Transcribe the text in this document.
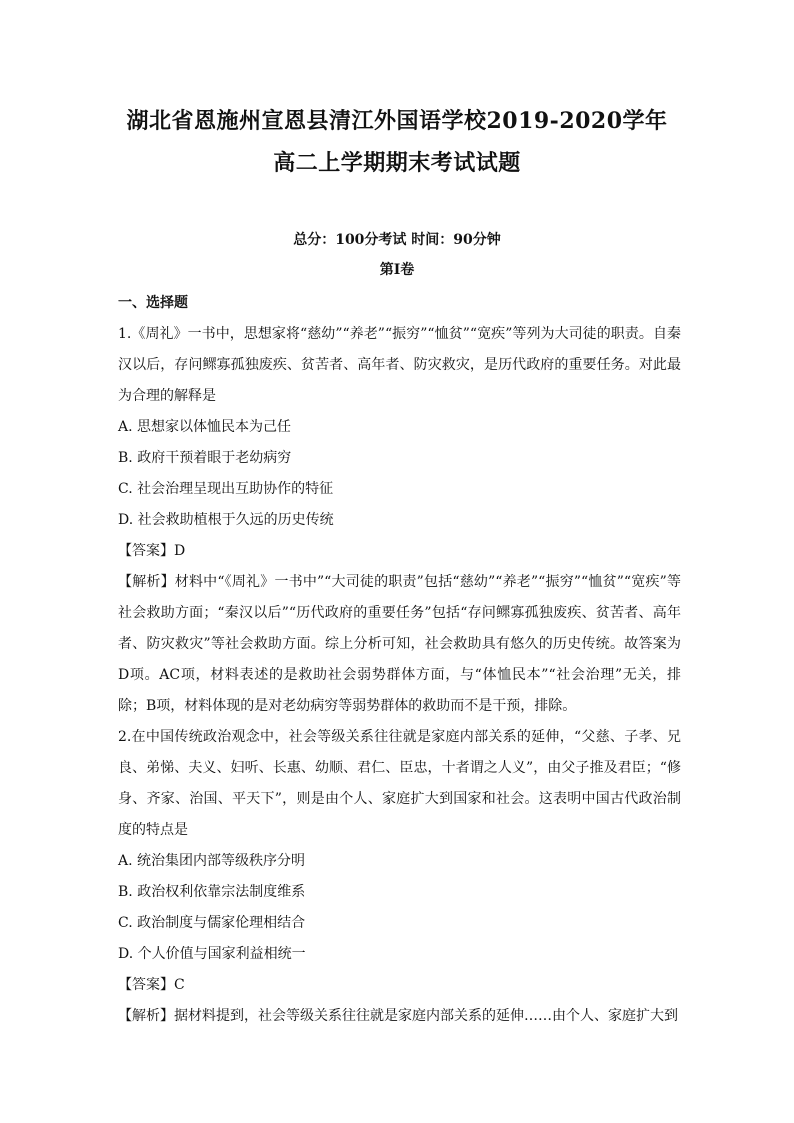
湖北省恩施州宣恩县清江外国语学校2019-2020学年
高二上学期期末考试试题
总分：100分考试 时间：90分钟
第Ⅰ卷
一、选择题

1.《周礼》一书中，思想家将“慈幼”“养老”“振穷”“恤贫”“宽疾”等列为大司徒的职责。自秦汉以后，存问鳏寡孤独废疾、贫苦者、高年者、防灾救灾，是历代政府的重要任务。对此最为合理的解释是

A. 思想家以体恤民本为己任

B. 政府干预着眼于老幼病穷

C. 社会治理呈现出互助协作的特征

D. 社会救助植根于久远的历史传统

【答案】D

【解析】材料中“《周礼》一书中”“大司徒的职责”包括“慈幼”“养老”“振穷”“恤贫”“宽疾”等社会救助方面；“秦汉以后”“历代政府的重要任务”包括“存问鳏寡孤独废疾、贫苦者、高年者、防灾救灾”等社会救助方面。综上分析可知，社会救助具有悠久的历史传统。故答案为D项。AC项，材料表述的是救助社会弱势群体方面，与“体恤民本”“社会治理”无关，排除；B项，材料体现的是对老幼病穷等弱势群体的救助而不是干预，排除。

2.在中国传统政治观念中，社会等级关系往往就是家庭内部关系的延伸，“父慈、子孝、兄良、弟悌、夫义、妇听、长惠、幼顺、君仁、臣忠，十者谓之人义”，由父子推及君臣；“修身、齐家、治国、平天下”，则是由个人、家庭扩大到国家和社会。这表明中国古代政治制度的特点是

A. 统治集团内部等级秩序分明

B. 政治权利依靠宗法制度维系

C. 政治制度与儒家伦理相结合

D. 个人价值与国家利益相统一

【答案】C

【解析】据材料提到，社会等级关系往往就是家庭内部关系的延伸……由个人、家庭扩大到
